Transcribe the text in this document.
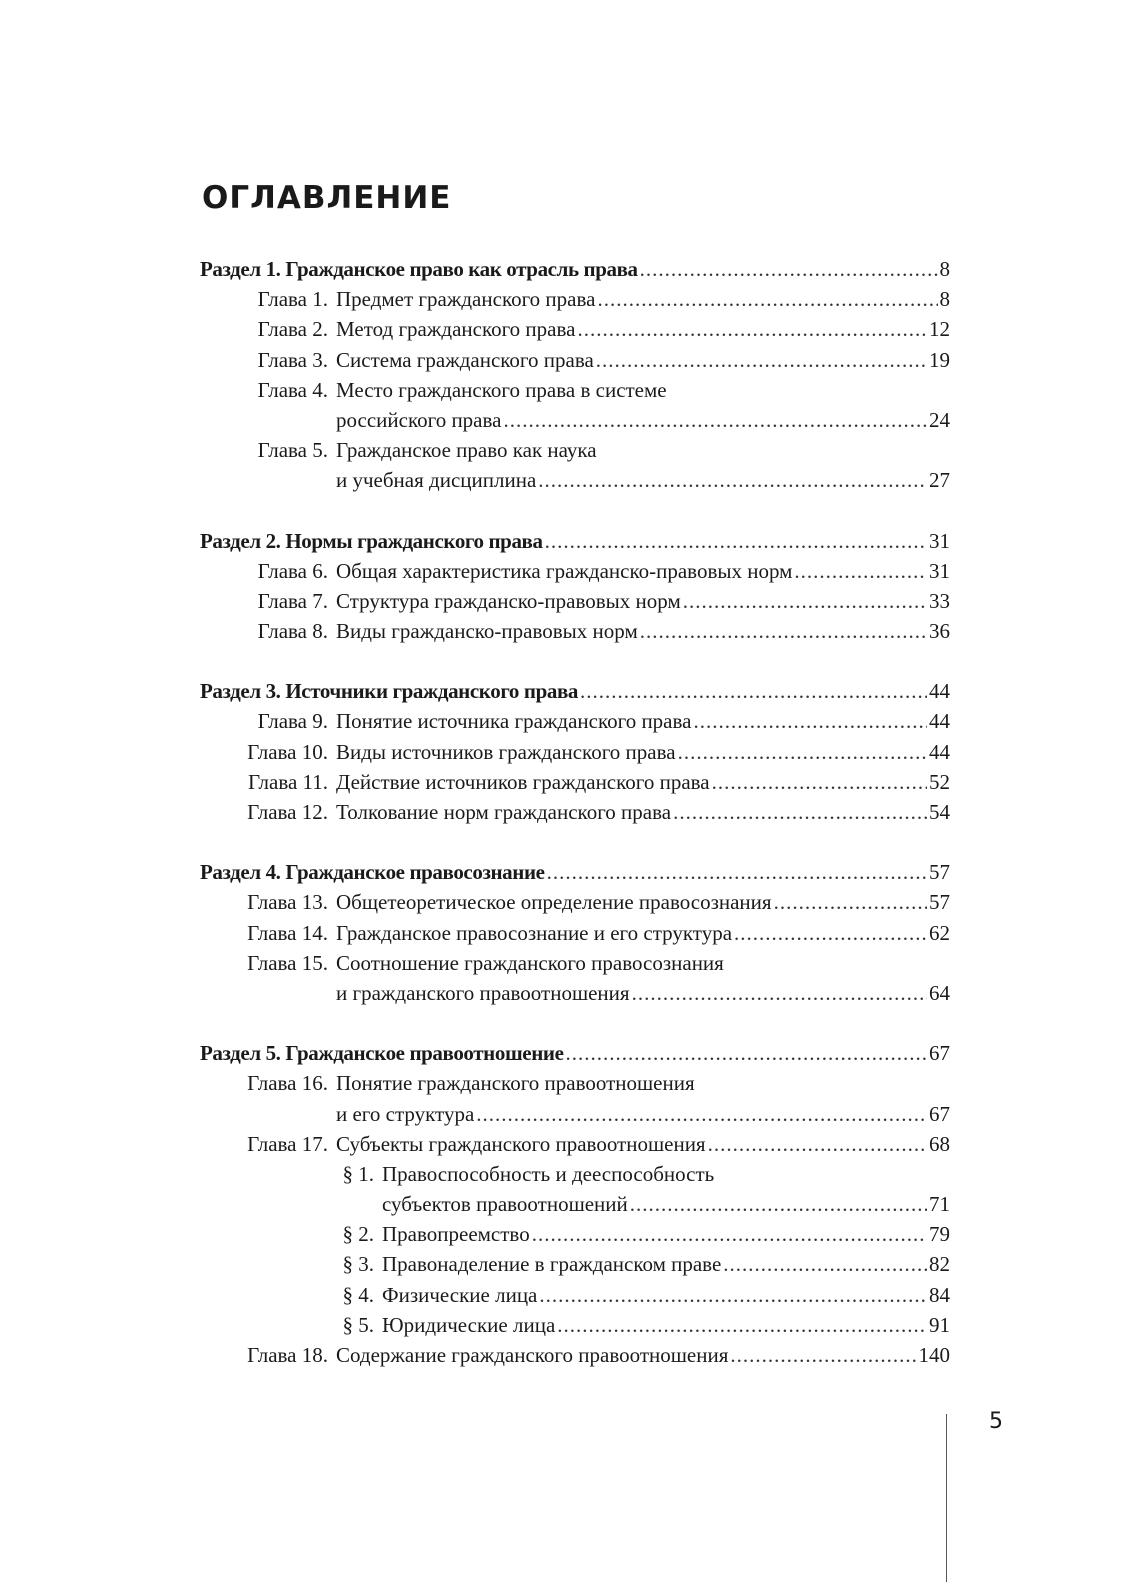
ОГЛАВЛЕНИЕ
Раздел 1. Гражданское право как отрасль права .....	8
Глава 1. Предмет гражданского права .....	8
Глава 2. Метод гражданского права .....	12
Глава 3. Система гражданского права .....	19
Глава 4. Место гражданского права в системе
российского права .....	24
Глава 5. Гражданское право как наука
и учебная дисциплина .....	27
Раздел 2. Нормы гражданского права .....	31
Глава 6. Общая характеристика гражданско-правовых норм .....	31
Глава 7. Структура гражданско-правовых норм .....	33
Глава 8. Виды гражданско-правовых норм .....	36
Раздел 3. Источники гражданского права .....	44
Глава 9. Понятие источника гражданского права .....	44
Глава 10. Виды источников гражданского права .....	44
Глава 11. Действие источников гражданского права .....	52
Глава 12. Толкование норм гражданского права .....	54
Раздел 4. Гражданское правосознание .....	57
Глава 13. Общетеоретическое определение правосознания .....	57
Глава 14. Гражданское правосознание и его структура .....	62
Глава 15. Соотношение гражданского правосознания
и гражданского правоотношения .....	64
Раздел 5. Гражданское правоотношение .....	67
Глава 16. Понятие гражданского правоотношения
и его структура .....	67
Глава 17. Субъекты гражданского правоотношения .....	68
§ 1. Правоспособность и дееспособность
субъектов правоотношений .....	71
§ 2. Правопреемство .....	79
§ 3. Правонаделение в гражданском праве .....	82
§ 4. Физические лица .....	84
§ 5. Юридические лица .....	91
Глава 18. Содержание гражданского правоотношения .....	140
5
